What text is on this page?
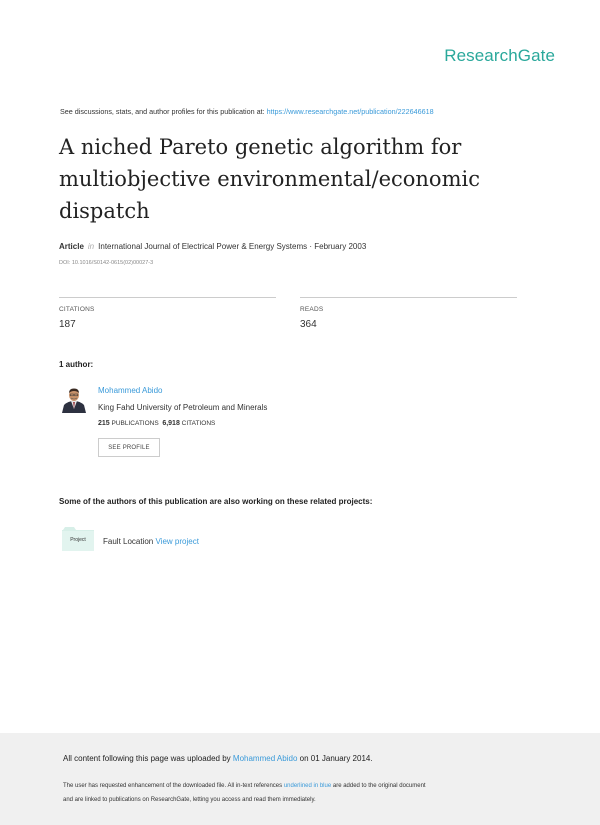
ResearchGate
See discussions, stats, and author profiles for this publication at: https://www.researchgate.net/publication/222646618
A niched Pareto genetic algorithm for multiobjective environmental/economic dispatch
Article in International Journal of Electrical Power & Energy Systems · February 2003
DOI: 10.1016/S0142-0615(02)00027-3
CITATIONS
187
READS
364
1 author:
Mohammed Abido
King Fahd University of Petroleum and Minerals
215 PUBLICATIONS 6,918 CITATIONS
SEE PROFILE
Some of the authors of this publication are also working on these related projects:
Project	Fault Location View project
All content following this page was uploaded by Mohammed Abido on 01 January 2014.
The user has requested enhancement of the downloaded file. All in-text references underlined in blue are added to the original document
and are linked to publications on ResearchGate, letting you access and read them immediately.
